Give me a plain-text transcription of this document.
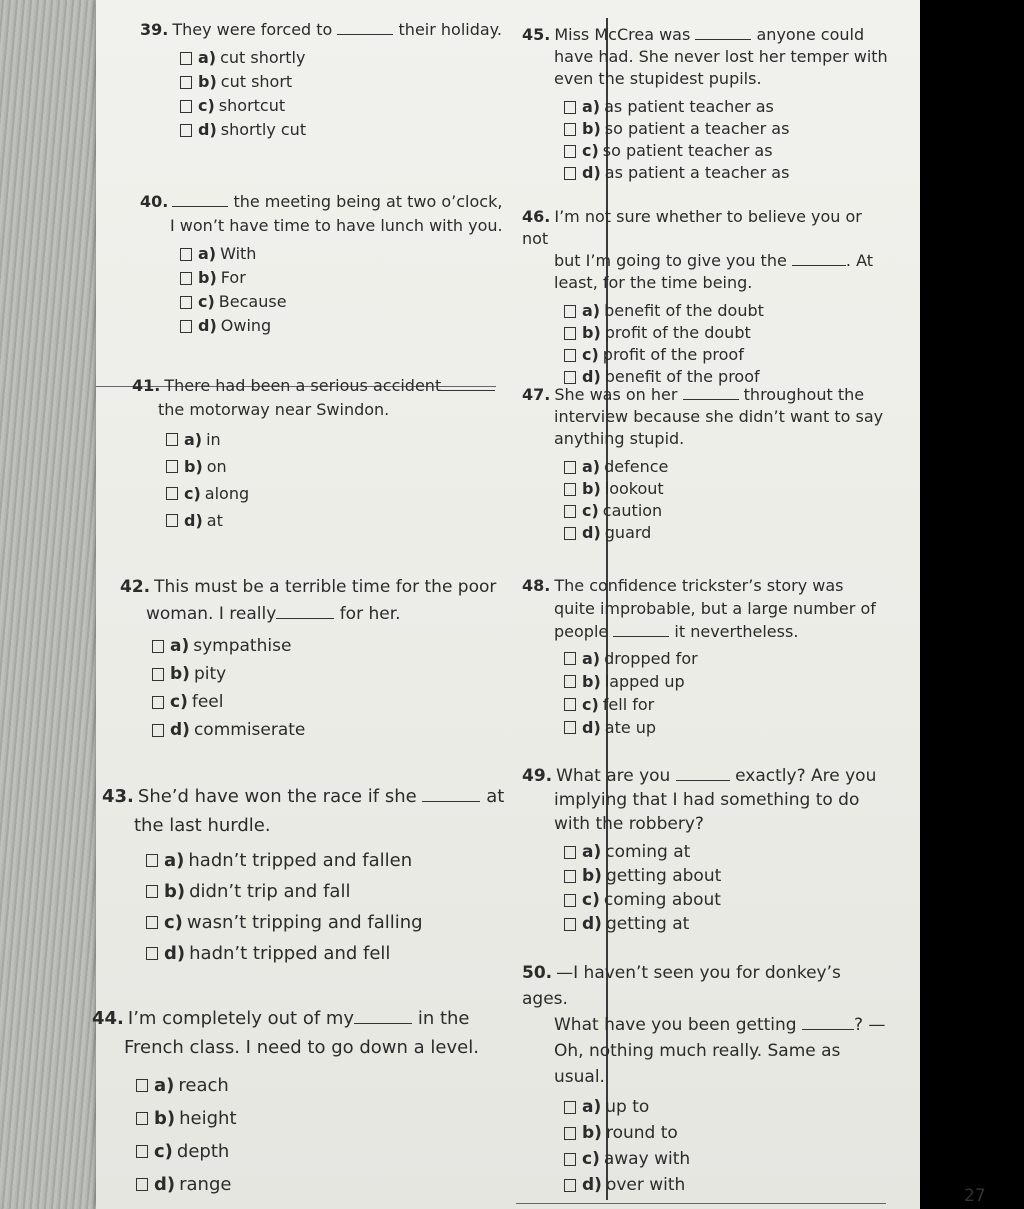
39. They were forced to	their holiday.

a) cut shortly
b) cut short
c) shortcut
d) shortly cut

40.	the meeting being at two o’clock,

I won’t have time to have lunch with you.

a) With
b) For
c) Because
d) Owing

41. There had been a serious accident

the motorway near Swindon.

a) in
b) on
c) along
d) at

42. This must be a terrible time for the poor

woman. I really	for her.

a) sympathise
b) pity
c) feel
d) commiserate

43. She’d have won the race if she	at

the last hurdle.

a) hadn’t tripped and fallen
b) didn’t trip and fall
c) wasn’t tripping and falling
d) hadn’t tripped and fell

44. I’m completely out of my	in the

French class. I need to go down a level.

a) reach
b) height
c) depth
d) range

45. Miss McCrea was	anyone could

have had. She never lost her temper with even the stupidest pupils.

a) as patient teacher as
b) so patient a teacher as
c) so patient teacher as
d) as patient a teacher as

46. I’m not sure whether to believe you or not

but I’m going to give you the	. At least, for the time being.

a) benefit of the doubt
b) profit of the doubt
c) profit of the proof
d) benefit of the proof

47. She was on her	throughout the

interview because she didn’t want to say anything stupid.

a) defence
b) lookout
c) caution
d) guard

48. The confidence trickster’s story was

quite improbable, but a large number of people	it nevertheless.

a) dropped for
b) lapped up
c) fell for
d) ate up

49. What are you	exactly? Are you

implying that I had something to do with the robbery?

a) coming at
b) getting about
c) coming about
d) getting at

50. —I haven’t seen you for donkey’s ages.

What have you been getting	? —Oh, nothing much really. Same as usual.

a) up to
b) round to
c) away with
d) over with
27
